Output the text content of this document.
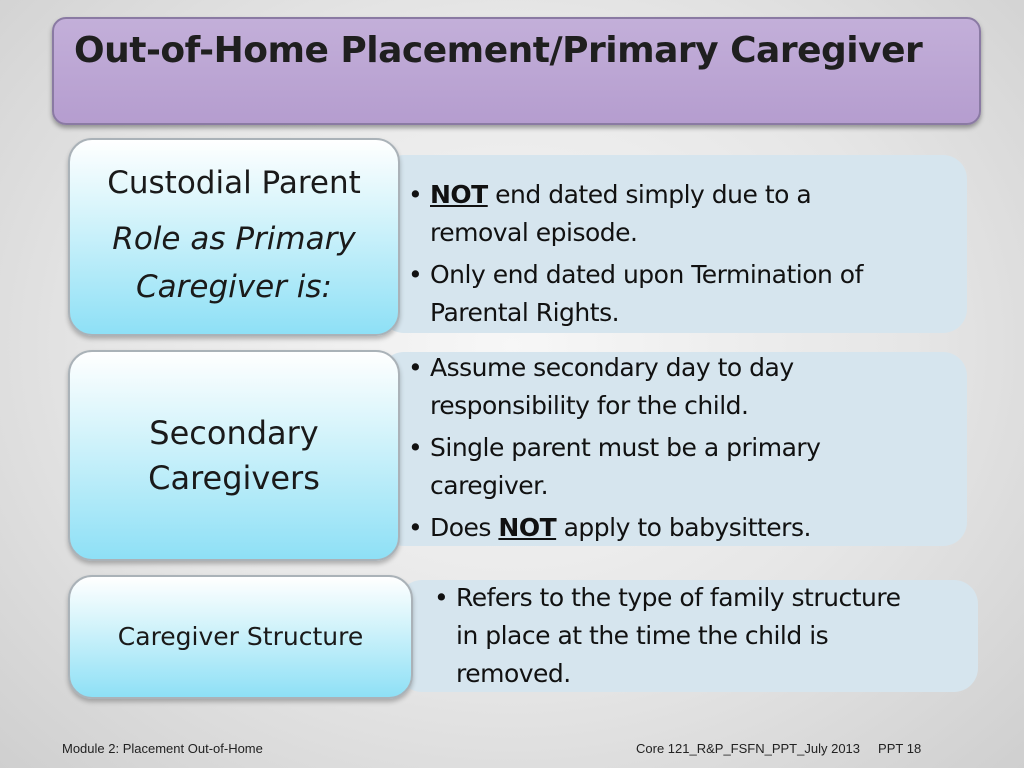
Out-of-Home Placement/Primary Caregiver
Custodial Parent
Role as Primary Caregiver is:
• NOT end dated simply due to a removal episode.
• Only end dated upon Termination of Parental Rights.
Secondary Caregivers
• Assume secondary day to day responsibility for the child.
• Single parent must be a primary caregiver.
• Does NOT apply to babysitters.
Caregiver Structure
• Refers to the type of family structure in place at the time the child is removed.
Module 2: Placement Out-of-Home	Core 121_R&P_FSFN_PPT_July 2013     PPT 18
